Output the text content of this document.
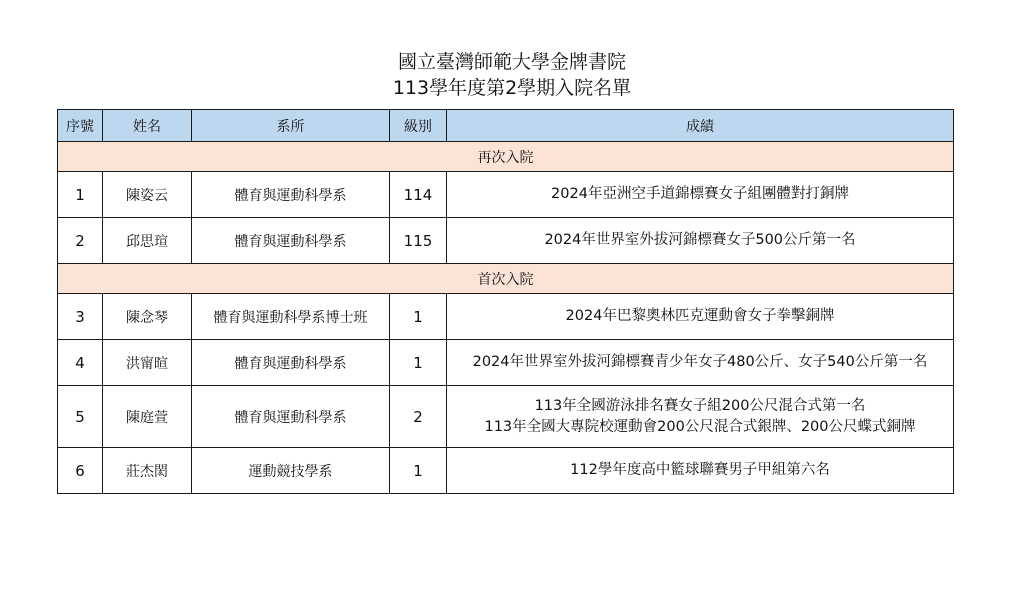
國立臺灣師範大學金牌書院
113學年度第2學期入院名單
序號	姓名	系所	級別	成績
再次入院				
1	陳姿云	體育與運動科學系	114	2024年亞洲空手道錦標賽女子組團體對打銅牌

2	邱思瑄	體育與運動科學系	115	2024年世界室外拔河錦標賽女子500公斤第一名

首次入院				
3	陳念琴	體育與運動科學系博士班	1	2024年巴黎奧林匹克運動會女子拳擊銅牌

4	洪甯暄	體育與運動科學系	1	2024年世界室外拔河錦標賽青少年女子480公斤、女子540公斤第一名

5	陳庭萱	體育與運動科學系	2	113年全國游泳排名賽女子組200公尺混合式第一名
113年全國大專院校運動會200公尺混合式銀牌、200公尺蝶式銅牌

6	莊杰閎	運動競技學系	1	112學年度高中籃球聯賽男子甲組第六名
